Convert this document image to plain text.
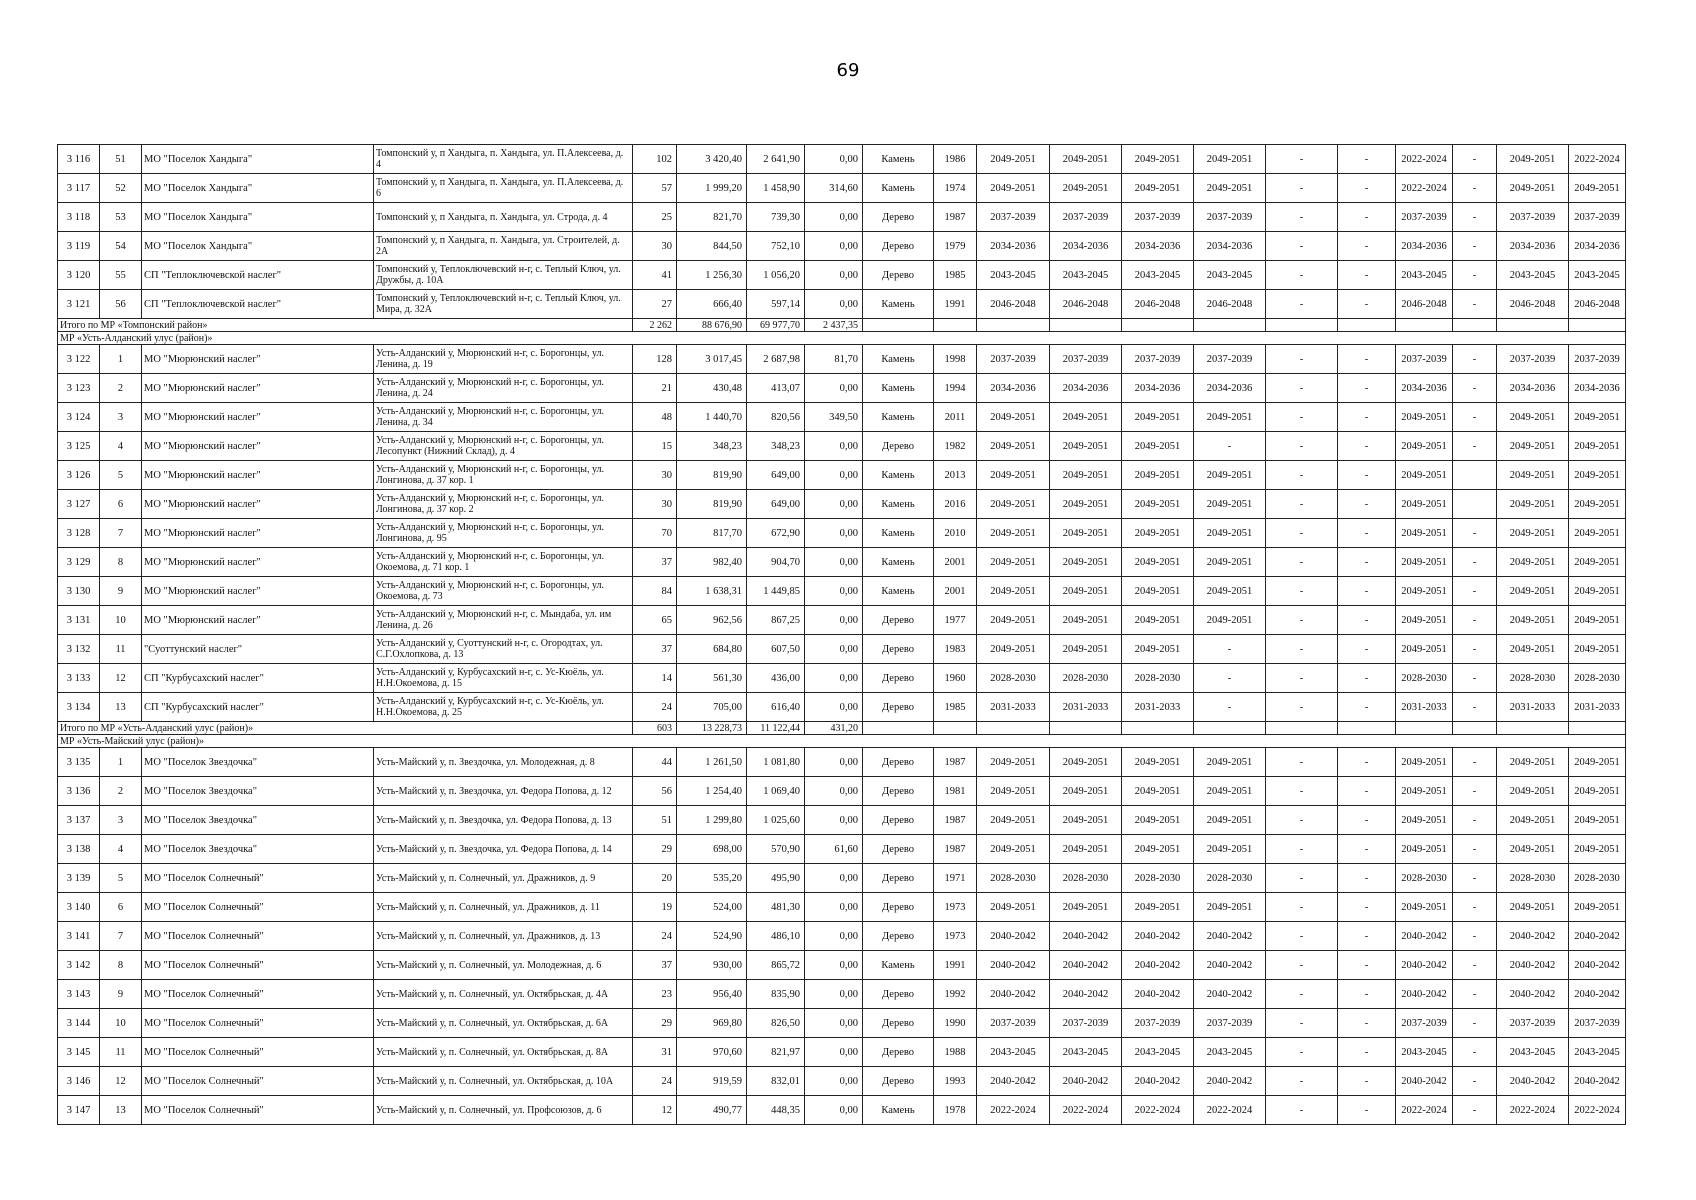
69
3 116	51	МО "Поселок Хандыга"	Томпонский у, п Хандыга, п. Хандыга, ул. П.Алексеева, д. 4	102	3 420,40	2 641,90	0,00	Камень	1986	2049-2051	2049-2051	2049-2051	2049-2051	-	-	2022-2024	-	2049-2051	2022-2024
3 117	52	МО "Поселок Хандыга"	Томпонский у, п Хандыга, п. Хандыга, ул. П.Алексеева, д. 6	57	1 999,20	1 458,90	314,60	Камень	1974	2049-2051	2049-2051	2049-2051	2049-2051	-	-	2022-2024	-	2049-2051	2049-2051
3 118	53	МО "Поселок Хандыга"	Томпонский у, п Хандыга, п. Хандыга, ул. Строда, д. 4	25	821,70	739,30	0,00	Дерево	1987	2037-2039	2037-2039	2037-2039	2037-2039	-	-	2037-2039	-	2037-2039	2037-2039
3 119	54	МО "Поселок Хандыга"	Томпонский у, п Хандыга, п. Хандыга, ул. Строителей, д. 2А	30	844,50	752,10	0,00	Дерево	1979	2034-2036	2034-2036	2034-2036	2034-2036	-	-	2034-2036	-	2034-2036	2034-2036
3 120	55	СП "Теплоключевской наслег"	Томпонский у, Теплоключевский н-г, с. Теплый Ключ, ул. Дружбы, д. 10А	41	1 256,30	1 056,20	0,00	Дерево	1985	2043-2045	2043-2045	2043-2045	2043-2045	-	-	2043-2045	-	2043-2045	2043-2045
3 121	56	СП "Теплоключевской наслег"	Томпонский у, Теплоключевский н-г, с. Теплый Ключ, ул. Мира, д. 32А	27	666,40	597,14	0,00	Камень	1991	2046-2048	2046-2048	2046-2048	2046-2048	-	-	2046-2048	-	2046-2048	2046-2048
Итого по МР «Томпонский район»				2 262	88 676,90	69 977,70	2 437,35												
МР «Усть-Алданский улус (район)»																			
3 122	1	МО "Мюрюнский наслег"	Усть-Алданский у, Мюрюнский н-г, с. Борогонцы, ул. Ленина, д. 19	128	3 017,45	2 687,98	81,70	Камень	1998	2037-2039	2037-2039	2037-2039	2037-2039	-	-	2037-2039	-	2037-2039	2037-2039
3 123	2	МО "Мюрюнский наслег"	Усть-Алданский у, Мюрюнский н-г, с. Борогонцы, ул. Ленина, д. 24	21	430,48	413,07	0,00	Камень	1994	2034-2036	2034-2036	2034-2036	2034-2036	-	-	2034-2036	-	2034-2036	2034-2036
3 124	3	МО "Мюрюнский наслег"	Усть-Алданский у, Мюрюнский н-г, с. Борогонцы, ул. Ленина, д. 34	48	1 440,70	820,56	349,50	Камень	2011	2049-2051	2049-2051	2049-2051	2049-2051	-	-	2049-2051	-	2049-2051	2049-2051
3 125	4	МО "Мюрюнский наслег"	Усть-Алданский у, Мюрюнский н-г, с. Борогонцы, ул. Лесопункт (Нижний Склад), д. 4	15	348,23	348,23	0,00	Дерево	1982	2049-2051	2049-2051	2049-2051	-	-	-	2049-2051	-	2049-2051	2049-2051
3 126	5	МО "Мюрюнский наслег"	Усть-Алданский у, Мюрюнский н-г, с. Борогонцы, ул. Лонгинова, д. 37 кор. 1	30	819,90	649,00	0,00	Камень	2013	2049-2051	2049-2051	2049-2051	2049-2051	-	-	2049-2051		2049-2051	2049-2051
3 127	6	МО "Мюрюнский наслег"	Усть-Алданский у, Мюрюнский н-г, с. Борогонцы, ул. Лонгинова, д. 37 кор. 2	30	819,90	649,00	0,00	Камень	2016	2049-2051	2049-2051	2049-2051	2049-2051	-	-	2049-2051		2049-2051	2049-2051
3 128	7	МО "Мюрюнский наслег"	Усть-Алданский у, Мюрюнский н-г, с. Борогонцы, ул. Лонгинова, д. 95	70	817,70	672,90	0,00	Камень	2010	2049-2051	2049-2051	2049-2051	2049-2051	-	-	2049-2051	-	2049-2051	2049-2051
3 129	8	МО "Мюрюнский наслег"	Усть-Алданский у, Мюрюнский н-г, с. Борогонцы, ул. Окоемова, д. 71 кор. 1	37	982,40	904,70	0,00	Камень	2001	2049-2051	2049-2051	2049-2051	2049-2051	-	-	2049-2051	-	2049-2051	2049-2051
3 130	9	МО "Мюрюнский наслег"	Усть-Алданский у, Мюрюнский н-г, с. Борогонцы, ул. Окоемова, д. 73	84	1 638,31	1 449,85	0,00	Камень	2001	2049-2051	2049-2051	2049-2051	2049-2051	-	-	2049-2051	-	2049-2051	2049-2051
3 131	10	МО "Мюрюнский наслег"	Усть-Алданский у, Мюрюнский н-г, с. Мындаба, ул. им Ленина, д. 26	65	962,56	867,25	0,00	Дерево	1977	2049-2051	2049-2051	2049-2051	2049-2051	-	-	2049-2051	-	2049-2051	2049-2051
3 132	11	"Суоттунский наслег"	Усть-Алданский у, Суоттунский н-г, с. Огородтах, ул. С.Г.Охлопкова, д. 13	37	684,80	607,50	0,00	Дерево	1983	2049-2051	2049-2051	2049-2051	-	-	-	2049-2051	-	2049-2051	2049-2051
3 133	12	СП "Курбусахский наслег"	Усть-Алданский у, Курбусахский н-г, с. Ус-Кюёль, ул. Н.Н.Окоемова, д. 15	14	561,30	436,00	0,00	Дерево	1960	2028-2030	2028-2030	2028-2030	-	-	-	2028-2030	-	2028-2030	2028-2030
3 134	13	СП "Курбусахский наслег"	Усть-Алданский у, Курбусахский н-г, с. Ус-Кюёль, ул. Н.Н.Окоемова, д. 25	24	705,00	616,40	0,00	Дерево	1985	2031-2033	2031-2033	2031-2033	-	-	-	2031-2033	-	2031-2033	2031-2033
Итого по МР «Усть-Алданский улус (район)»				603	13 228,73	11 122,44	431,20												
МР «Усть-Майский улус (район)»																			
3 135	1	МО "Поселок Звездочка"	Усть-Майский у, п. Звездочка, ул. Молодежная, д. 8	44	1 261,50	1 081,80	0,00	Дерево	1987	2049-2051	2049-2051	2049-2051	2049-2051	-	-	2049-2051	-	2049-2051	2049-2051
3 136	2	МО "Поселок Звездочка"	Усть-Майский у, п. Звездочка, ул. Федора Попова, д. 12	56	1 254,40	1 069,40	0,00	Дерево	1981	2049-2051	2049-2051	2049-2051	2049-2051	-	-	2049-2051	-	2049-2051	2049-2051
3 137	3	МО "Поселок Звездочка"	Усть-Майский у, п. Звездочка, ул. Федора Попова, д. 13	51	1 299,80	1 025,60	0,00	Дерево	1987	2049-2051	2049-2051	2049-2051	2049-2051	-	-	2049-2051	-	2049-2051	2049-2051
3 138	4	МО "Поселок Звездочка"	Усть-Майский у, п. Звездочка, ул. Федора Попова, д. 14	29	698,00	570,90	61,60	Дерево	1987	2049-2051	2049-2051	2049-2051	2049-2051	-	-	2049-2051	-	2049-2051	2049-2051
3 139	5	МО "Поселок Солнечный"	Усть-Майский у, п. Солнечный, ул. Дражников, д. 9	20	535,20	495,90	0,00	Дерево	1971	2028-2030	2028-2030	2028-2030	2028-2030	-	-	2028-2030	-	2028-2030	2028-2030
3 140	6	МО "Поселок Солнечный"	Усть-Майский у, п. Солнечный, ул. Дражников, д. 11	19	524,00	481,30	0,00	Дерево	1973	2049-2051	2049-2051	2049-2051	2049-2051	-	-	2049-2051	-	2049-2051	2049-2051
3 141	7	МО "Поселок Солнечный"	Усть-Майский у, п. Солнечный, ул. Дражников, д. 13	24	524,90	486,10	0,00	Дерево	1973	2040-2042	2040-2042	2040-2042	2040-2042	-	-	2040-2042	-	2040-2042	2040-2042
3 142	8	МО "Поселок Солнечный"	Усть-Майский у, п. Солнечный, ул. Молодежная, д. 6	37	930,00	865,72	0,00	Камень	1991	2040-2042	2040-2042	2040-2042	2040-2042	-	-	2040-2042	-	2040-2042	2040-2042
3 143	9	МО "Поселок Солнечный"	Усть-Майский у, п. Солнечный, ул. Октябрьская, д. 4А	23	956,40	835,90	0,00	Дерево	1992	2040-2042	2040-2042	2040-2042	2040-2042	-	-	2040-2042	-	2040-2042	2040-2042
3 144	10	МО "Поселок Солнечный"	Усть-Майский у, п. Солнечный, ул. Октябрьская, д. 6А	29	969,80	826,50	0,00	Дерево	1990	2037-2039	2037-2039	2037-2039	2037-2039	-	-	2037-2039	-	2037-2039	2037-2039
3 145	11	МО "Поселок Солнечный"	Усть-Майский у, п. Солнечный, ул. Октябрьская, д. 8А	31	970,60	821,97	0,00	Дерево	1988	2043-2045	2043-2045	2043-2045	2043-2045	-	-	2043-2045	-	2043-2045	2043-2045
3 146	12	МО "Поселок Солнечный"	Усть-Майский у, п. Солнечный, ул. Октябрьская, д. 10А	24	919,59	832,01	0,00	Дерево	1993	2040-2042	2040-2042	2040-2042	2040-2042	-	-	2040-2042	-	2040-2042	2040-2042
3 147	13	МО "Поселок Солнечный"	Усть-Майский у, п. Солнечный, ул. Профсоюзов, д. 6	12	490,77	448,35	0,00	Камень	1978	2022-2024	2022-2024	2022-2024	2022-2024	-	-	2022-2024	-	2022-2024	2022-2024
